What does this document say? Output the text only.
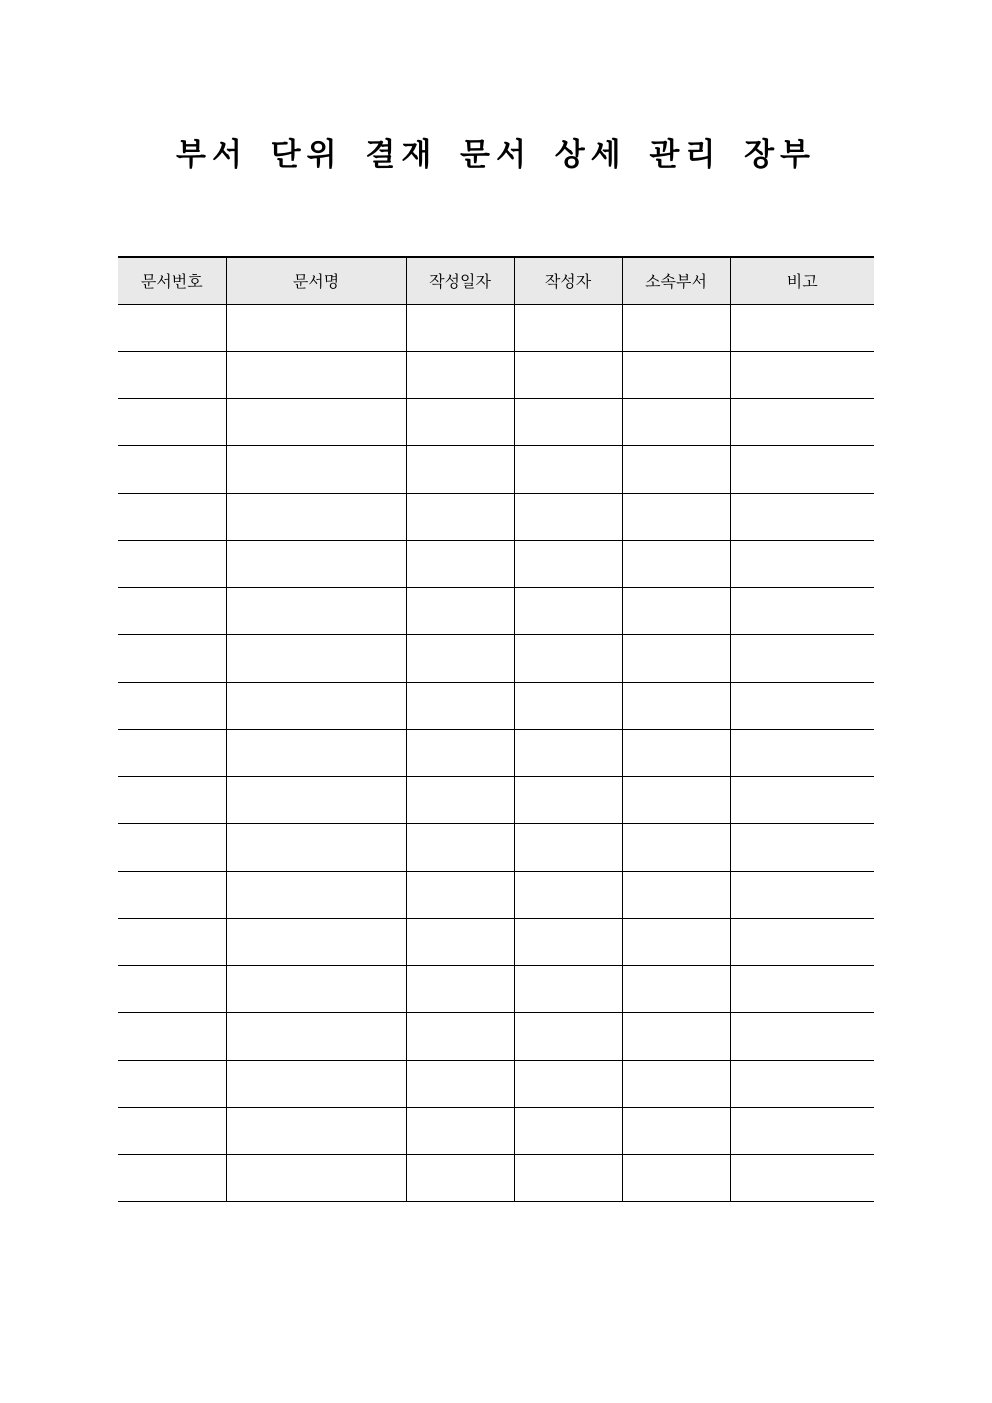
부서 단위 결재 문서 상세 관리 장부
문서번호	문서명	작성일자	작성자	소속부서	비고
